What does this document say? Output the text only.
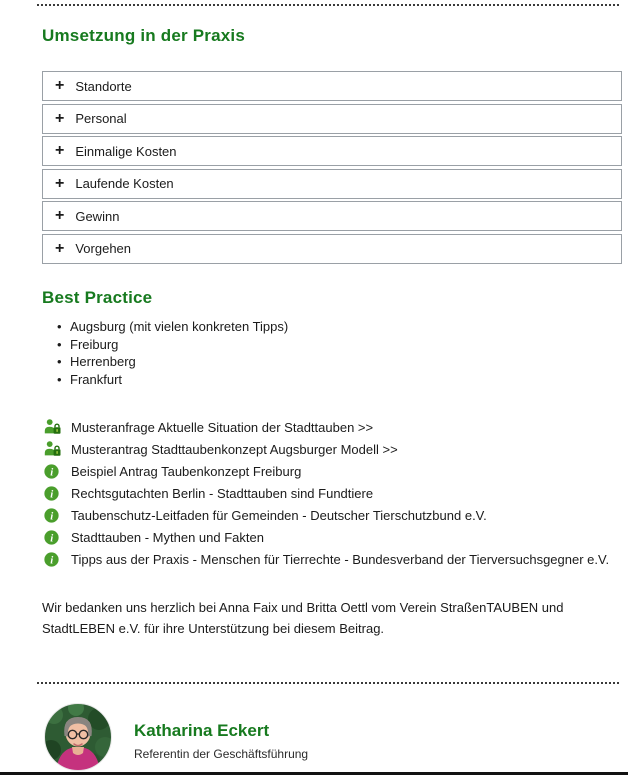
Umsetzung in der Praxis
+ Standorte
+ Personal
+ Einmalige Kosten
+ Laufende Kosten
+ Gewinn
+ Vorgehen
Best Practice
• Augsburg (mit vielen konkreten Tipps)
• Freiburg
• Herrenberg
• Frankfurt
Musteranfrage Aktuelle Situation der Stadttauben >>
Musterantrag Stadttaubenkonzept Augsburger Modell >>
i Beispiel Antrag Taubenkonzept Freiburg
i Rechtsgutachten Berlin - Stadttauben sind Fundtiere
i Taubenschutz-Leitfaden für Gemeinden - Deutscher Tierschutzbund e.V.
i Stadttauben - Mythen und Fakten
i Tipps aus der Praxis - Menschen für Tierrechte - Bundesverband der Tierversuchsgegner e.V.

Wir bedanken uns herzlich bei Anna Faix und Britta Oettl vom Verein StraßenTAUBEN und StadtLEBEN e.V. für ihre Unterstützung bei diesem Beitrag.

Katharina Eckert
Referentin der Geschäftsführung
